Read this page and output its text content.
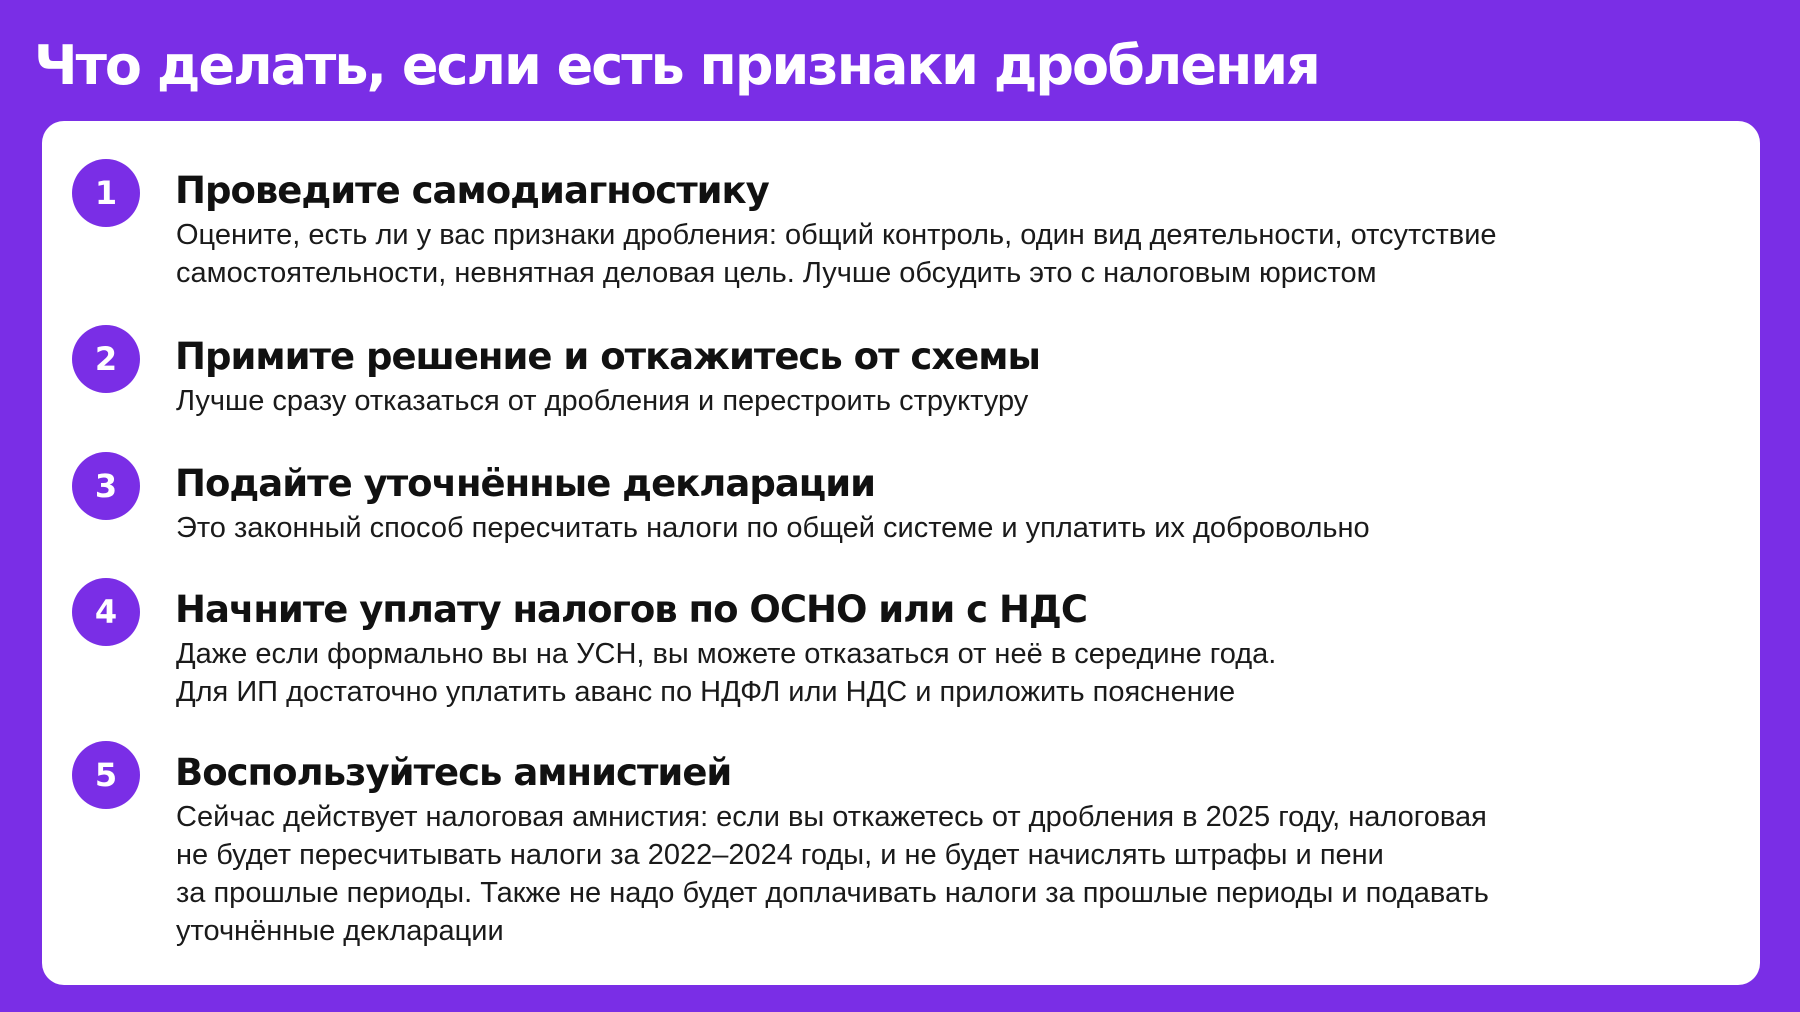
Что делать, если есть признаки дробления
1	Проведите самодиагностику

Оцените, есть ли у вас признаки дробления: общий контроль, один вид деятельности, отсутствие
самостоятельности, невнятная деловая цель. Лучше обсудить это с налоговым юристом

2	Примите решение и откажитесь от схемы

Лучше сразу отказаться от дробления и перестроить структуру

3	Подайте уточнённые декларации

Это законный способ пересчитать налоги по общей системе и уплатить их добровольно

4	Начните уплату налогов по ОСНО или с НДС

Даже если формально вы на УСН, вы можете отказаться от неё в середине года.
Для ИП достаточно уплатить аванс по НДФЛ или НДС и приложить пояснение

5	Воспользуйтесь амнистией

Сейчас действует налоговая амнистия: если вы откажетесь от дробления в 2025 году, налоговая
не будет пересчитывать налоги за 2022–2024 годы, и не будет начислять штрафы и пени
за прошлые периоды. Также не надо будет доплачивать налоги за прошлые периоды и подавать
уточнённые декларации
